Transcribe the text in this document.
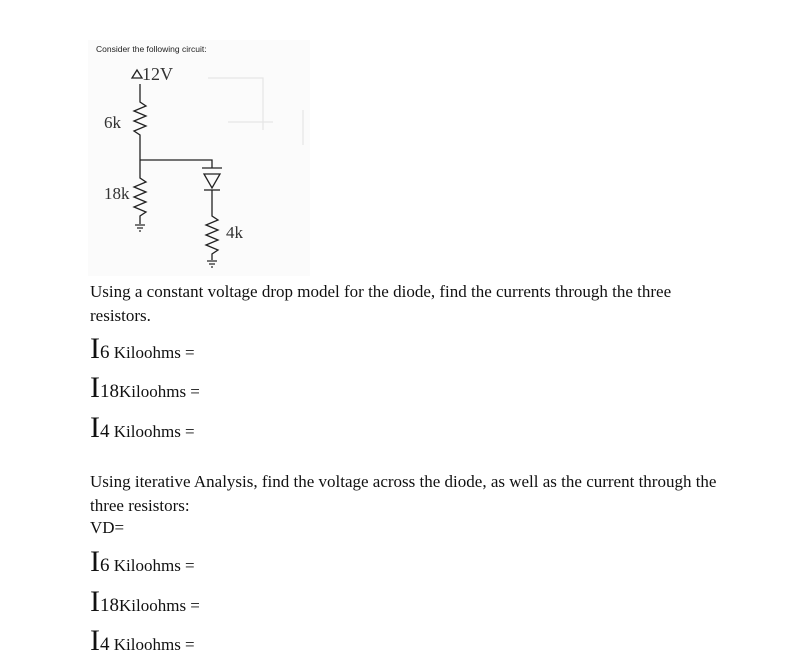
Consider the following circuit:
12V
6k
18k
4k
Using a constant voltage drop model for the diode, find the currents through the three resistors.
I6 Kiloohms =
I18Kiloohms =
I4 Kiloohms =
Using iterative Analysis, find the voltage across the diode, as well as the current through the three resistors:
VD=
I6 Kiloohms =
I18Kiloohms =
I4 Kiloohms =
